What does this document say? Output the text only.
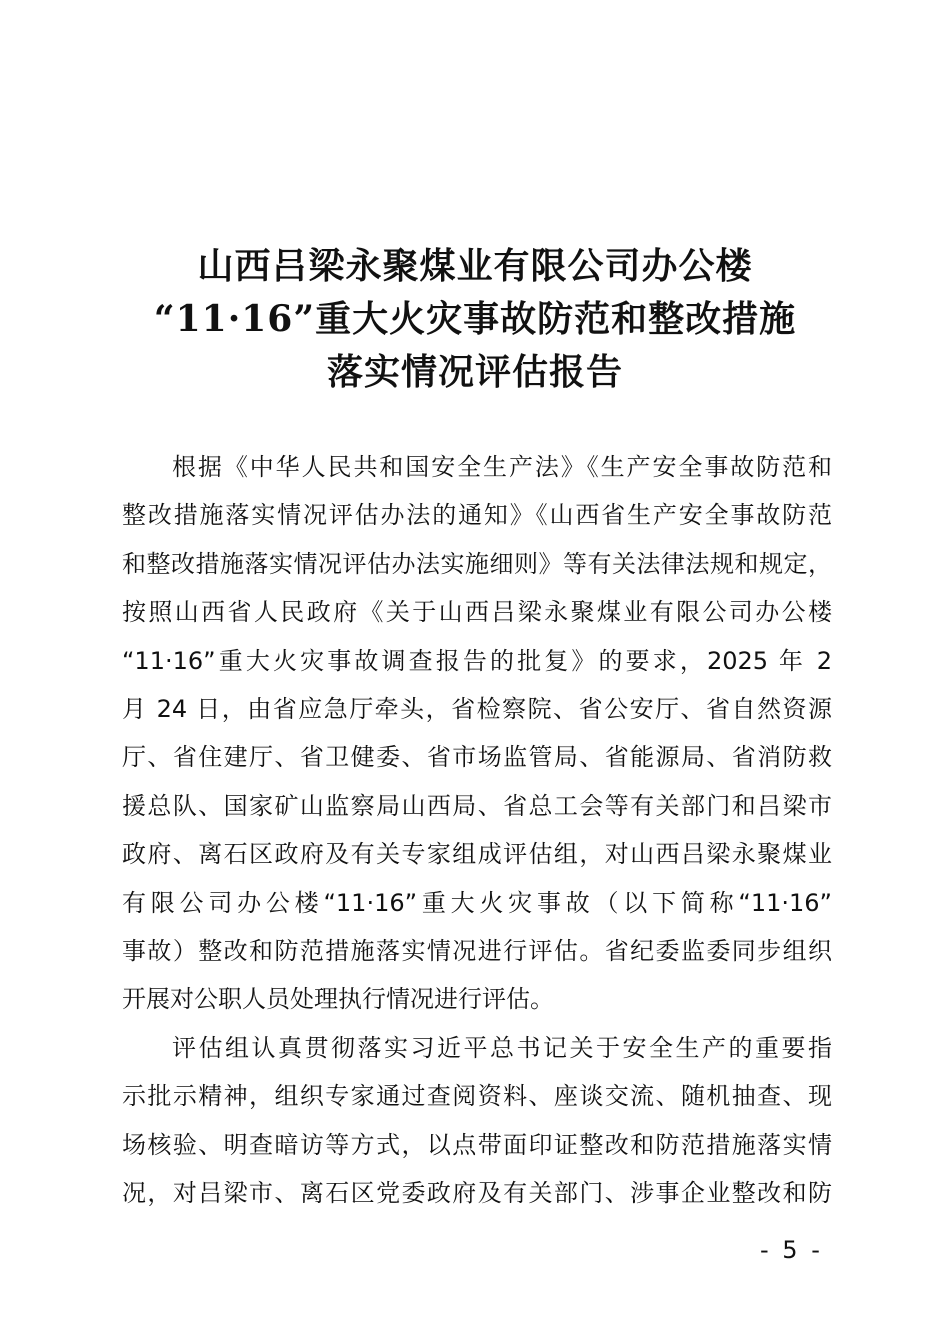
山西吕梁永聚煤业有限公司办公楼
“11·16”重大火灾事故防范和整改措施
落实情况评估报告
根据《中华人民共和国安全生产法》《生产安全事故防范和
整改措施落实情况评估办法的通知》《山西省生产安全事故防范
和整改措施落实情况评估办法实施细则》等有关法律法规和规定，
按照山西省人民政府《关于山西吕梁永聚煤业有限公司办公楼
“11·16”重大火灾事故调查报告的批复》的要求，2025 年 2
月 24 日，由省应急厅牵头，省检察院、省公安厅、省自然资源
厅、省住建厅、省卫健委、省市场监管局、省能源局、省消防救
援总队、国家矿山监察局山西局、省总工会等有关部门和吕梁市
政府、离石区政府及有关专家组成评估组，对山西吕梁永聚煤业
有限公司办公楼“11·16”重大火灾事故（以下简称“11·16”
事故）整改和防范措施落实情况进行评估。省纪委监委同步组织
开展对公职人员处理执行情况进行评估。
评估组认真贯彻落实习近平总书记关于安全生产的重要指
示批示精神，组织专家通过查阅资料、座谈交流、随机抽查、现
场核验、明查暗访等方式，以点带面印证整改和防范措施落实情
况，对吕梁市、离石区党委政府及有关部门、涉事企业整改和防
- 5 -
